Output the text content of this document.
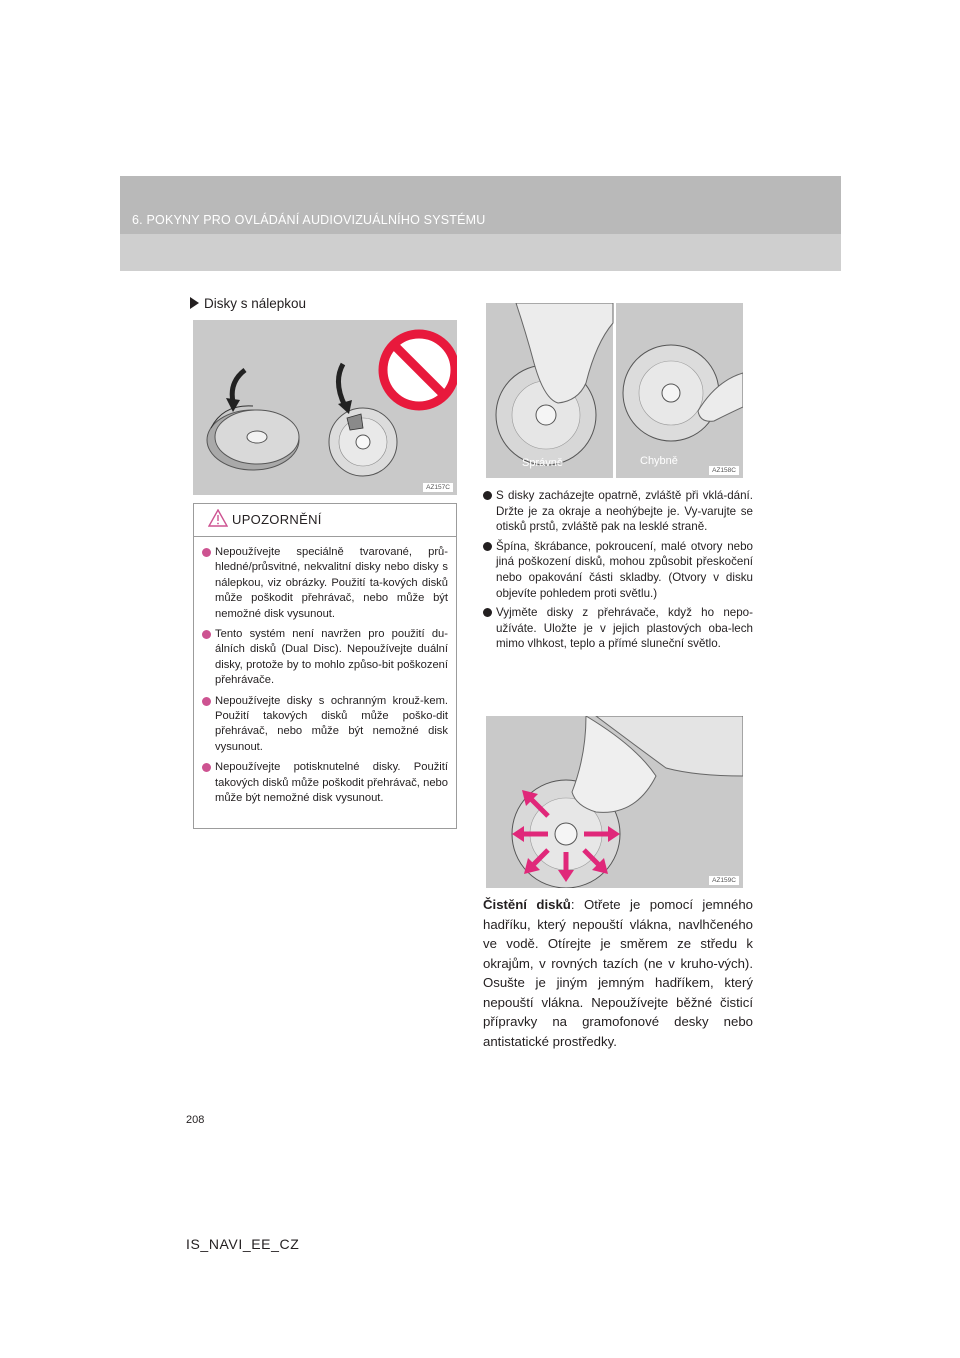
6. POKYNY PRO OVLÁDÁNÍ AUDIOVIZUÁLNÍHO SYSTÉMU
Disky s nálepkou
AZ157C
UPOZORNĚNÍ
Nepoužívejte speciálně tvarované, prů-hledné/průsvitné, nekvalitní disky nebo disky s nálepkou, viz obrázky. Použití ta-kových disků může poškodit přehrávač, nebo může být nemožné disk vysunout.
Tento systém není navržen pro použití du-álních disků (Dual Disc). Nepoužívejte duální disky, protože by to mohlo způso-bit poškození přehrávače.
Nepoužívejte disky s ochranným krouž-kem. Použití takových disků může poško-dit přehrávač, nebo může být nemožné disk vysunout.
Nepoužívejte potisknutelné disky. Použití takových disků může poškodit přehrávač, nebo může být nemožné disk vysunout.
Správně	Chybně
AZ158C
S disky zacházejte opatrně, zvláště při vklá-dání. Držte je za okraje a neohýbejte je. Vy-varujte se otisků prstů, zvláště pak na lesklé straně.
Špína, škrábance, pokroucení, malé otvory nebo jiná poškození disků, mohou způsobit přeskočení nebo opakování části skladby. (Otvory v disku objevíte pohledem proti světlu.)
Vyjměte disky z přehrávače, když ho nepo-užíváte. Uložte je v jejich plastových oba-lech mimo vlhkost, teplo a přímé sluneční světlo.
AZ159C
Čistění disků: Otřete je pomocí jemného hadříku, který nepouští vlákna, navlhčeného ve vodě. Otírejte je směrem ze středu k okrajům, v rovných tazích (ne v kruho-vých). Osušte je jiným jemným hadříkem, který nepouští vlákna. Nepoužívejte běžné čisticí přípravky na gramofonové desky nebo antistatické prostředky.
208
IS_NAVI_EE_CZ
